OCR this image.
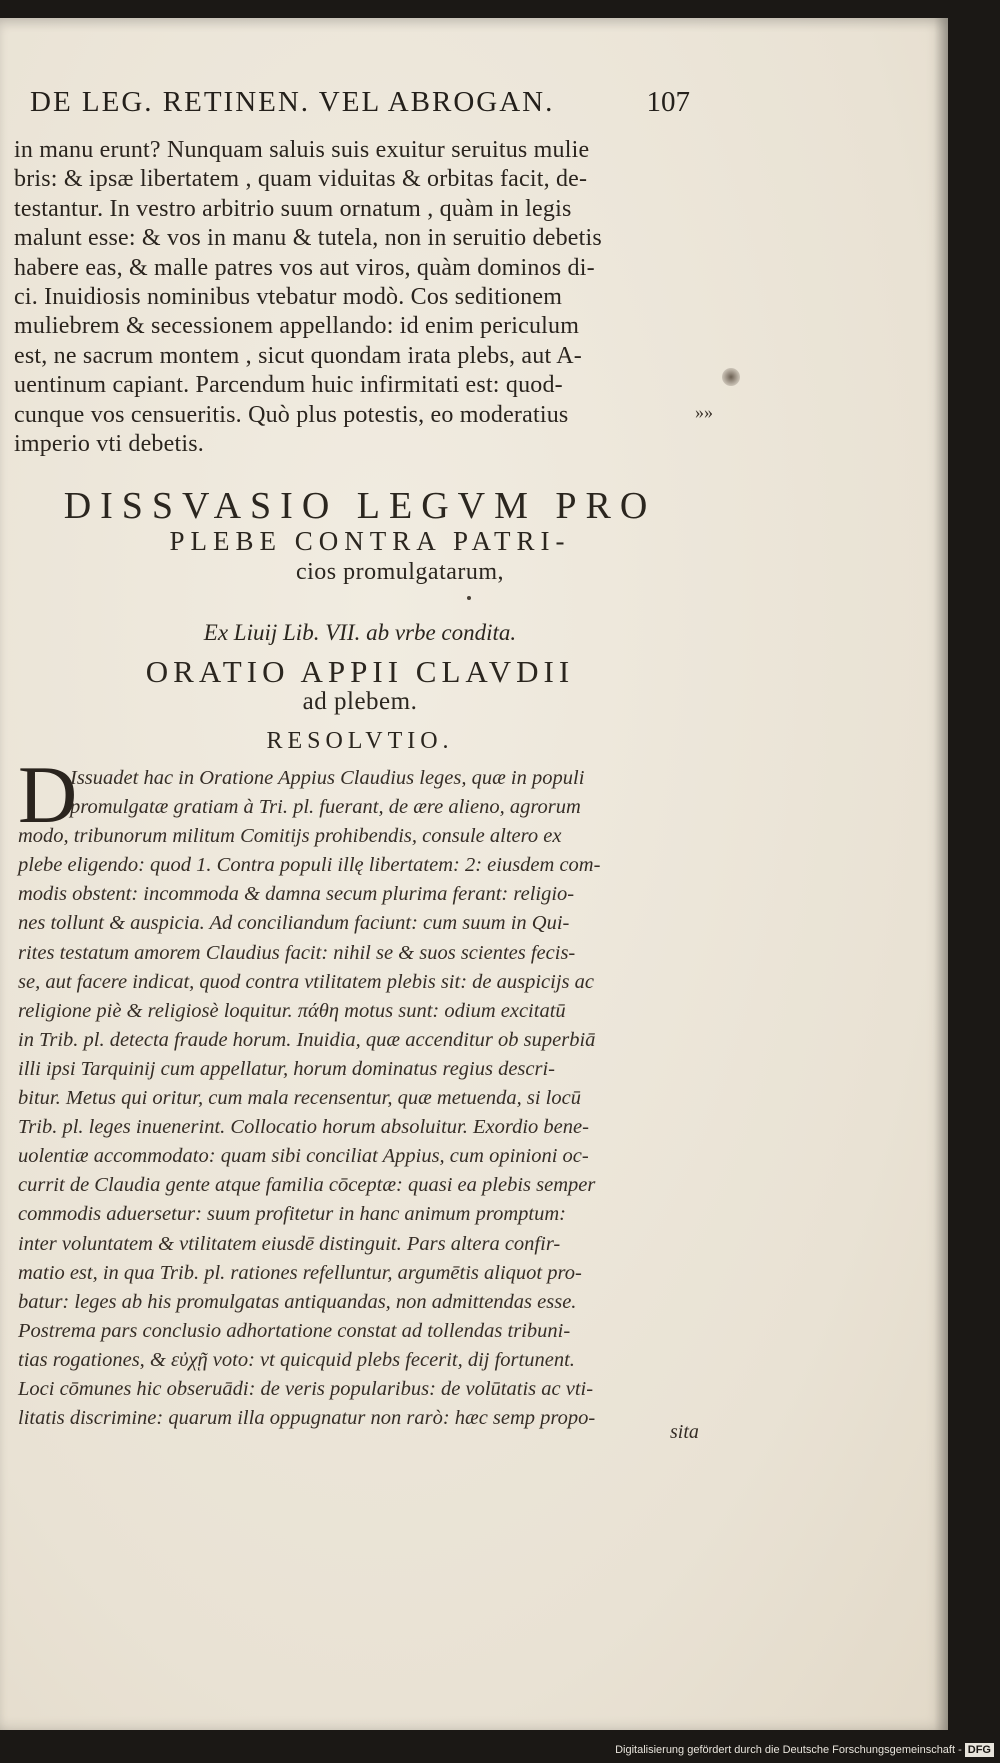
DE LEG. RETINEN. VEL ABROGAN.	107
in manu erunt? Nunquam saluis suis exuitur seruitus mulie
bris: & ipsæ libertatem , quam viduitas & orbitas facit, de-
testantur. In vestro arbitrio suum ornatum , quàm in legis
malunt esse: & vos in manu & tutela, non in seruitio debetis
habere eas, & malle patres vos aut viros, quàm dominos di-
ci. Inuidiosis nominibus vtebatur modò. Cos seditionem
muliebrem & secessionem appellando: id enim periculum
est, ne sacrum montem , sicut quondam irata plebs, aut A-
uentinum capiant. Parcendum huic infirmitati est: quod-
cunque vos censueritis. Quò plus potestis, eo moderatius
imperio vti debetis.
»»
DISSVASIO LEGVM PRO
PLEBE CONTRA PATRI-
cios promulgatarum,
Ex Liuij Lib. VII. ab vrbe condita.
ORATIO APPII CLAVDII
ad plebem.
RESOLVTIO.
D
Issuadet hac in Oratione Appius Claudius leges, quæ in populi
promulgatæ gratiam à Tri. pl. fuerant, de ære alieno, agrorum
modo, tribunorum militum Comitijs prohibendis, consule altero ex
plebe eligendo: quod 1. Contra populi illę libertatem: 2: eiusdem com-
modis obstent: incommoda & damna secum plurima ferant: religio-
nes tollunt & auspicia. Ad conciliandum faciunt: cum suum in Qui-
rites testatum amorem Claudius facit: nihil se & suos scientes fecis-
se, aut facere indicat, quod contra vtilitatem plebis sit: de auspicijs ac
religione piè & religiosè loquitur. πάθη motus sunt: odium excitatū
in Trib. pl. detecta fraude horum. Inuidia, quæ accenditur ob superbiā
illi ipsi Tarquinij cum appellatur, horum dominatus regius descri-
bitur. Metus qui oritur, cum mala recensentur, quæ metuenda, si locū
Trib. pl. leges inuenerint. Collocatio horum absoluitur. Exordio bene-
uolentiæ accommodato: quam sibi conciliat Appius, cum opinioni oc-
currit de Claudia gente atque familia cōceptæ: quasi ea plebis semper
commodis aduersetur: suum profitetur in hanc animum promptum:
inter voluntatem & vtilitatem eiusdē distinguit. Pars altera confir-
matio est, in qua Trib. pl. rationes refelluntur, argumētis aliquot pro-
batur: leges ab his promulgatas antiquandas, non admittendas esse.
Postrema pars conclusio adhortatione constat ad tollendas tribuni-
tias rogationes, & εὐχῇ voto: vt quicquid plebs fecerit, dij fortunent.
Loci cōmunes hic obseruādi: de veris popularibus: de volūtatis ac vti-
litatis discrimine: quarum illa oppugnatur non rarò: hæc semp propo-
sita
Digitalisierung gefördert durch die Deutsche Forschungsgemeinschaft - DFG
